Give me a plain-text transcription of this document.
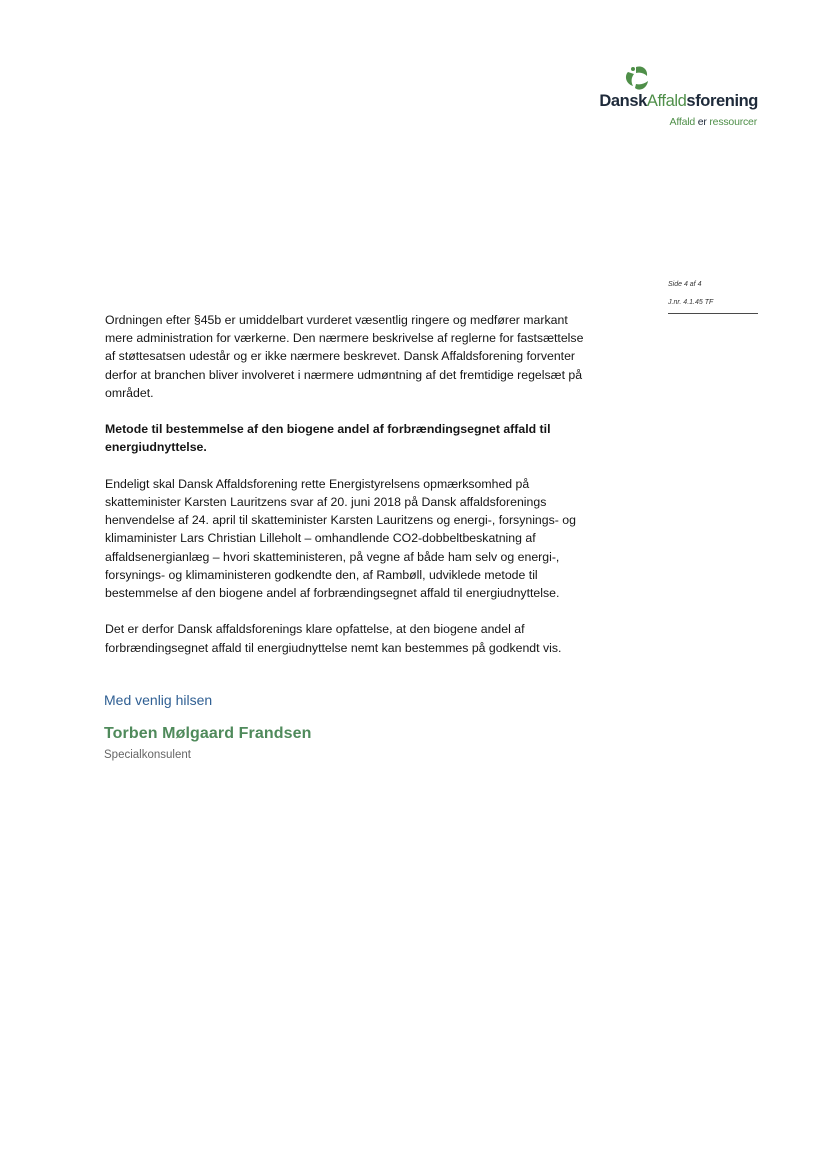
DanskAffaldsforening
Affald er ressourcer
Side 4 af 4
J.nr. 4.1.45 TF

Ordningen efter §45b er umiddelbart vurderet væsentlig ringere og medfører markant mere administration for værkerne. Den nærmere beskrivelse af reglerne for fastsættelse af støttesatsen udestår og er ikke nærmere beskrevet. Dansk Affaldsforening forventer derfor at branchen bliver involveret i nærmere udmøntning af det fremtidige regelsæt på området.

Metode til bestemmelse af den biogene andel af forbrændingsegnet affald til energiudnyttelse.

Endeligt skal Dansk Affaldsforening rette Energistyrelsens opmærksomhed på skatteminister Karsten Lauritzens svar af 20. juni 2018 på Dansk affaldsforenings henvendelse af 24. april til skatteminister Karsten Lauritzens og energi-, forsynings- og klimaminister Lars Christian Lilleholt – omhandlende CO2-dobbeltbeskatning af affaldsenergianlæg – hvori skatteministeren, på vegne af både ham selv og energi-, forsynings- og klimaministeren godkendte den, af Rambøll, udviklede metode til bestemmelse af den biogene andel af forbrændingsegnet affald til energiudnyttelse.

Det er derfor Dansk affaldsforenings klare opfattelse, at den biogene andel af forbrændingsegnet affald til energiudnyttelse nemt kan bestemmes på godkendt vis.

Med venlig hilsen
Torben Mølgaard Frandsen
Specialkonsulent
